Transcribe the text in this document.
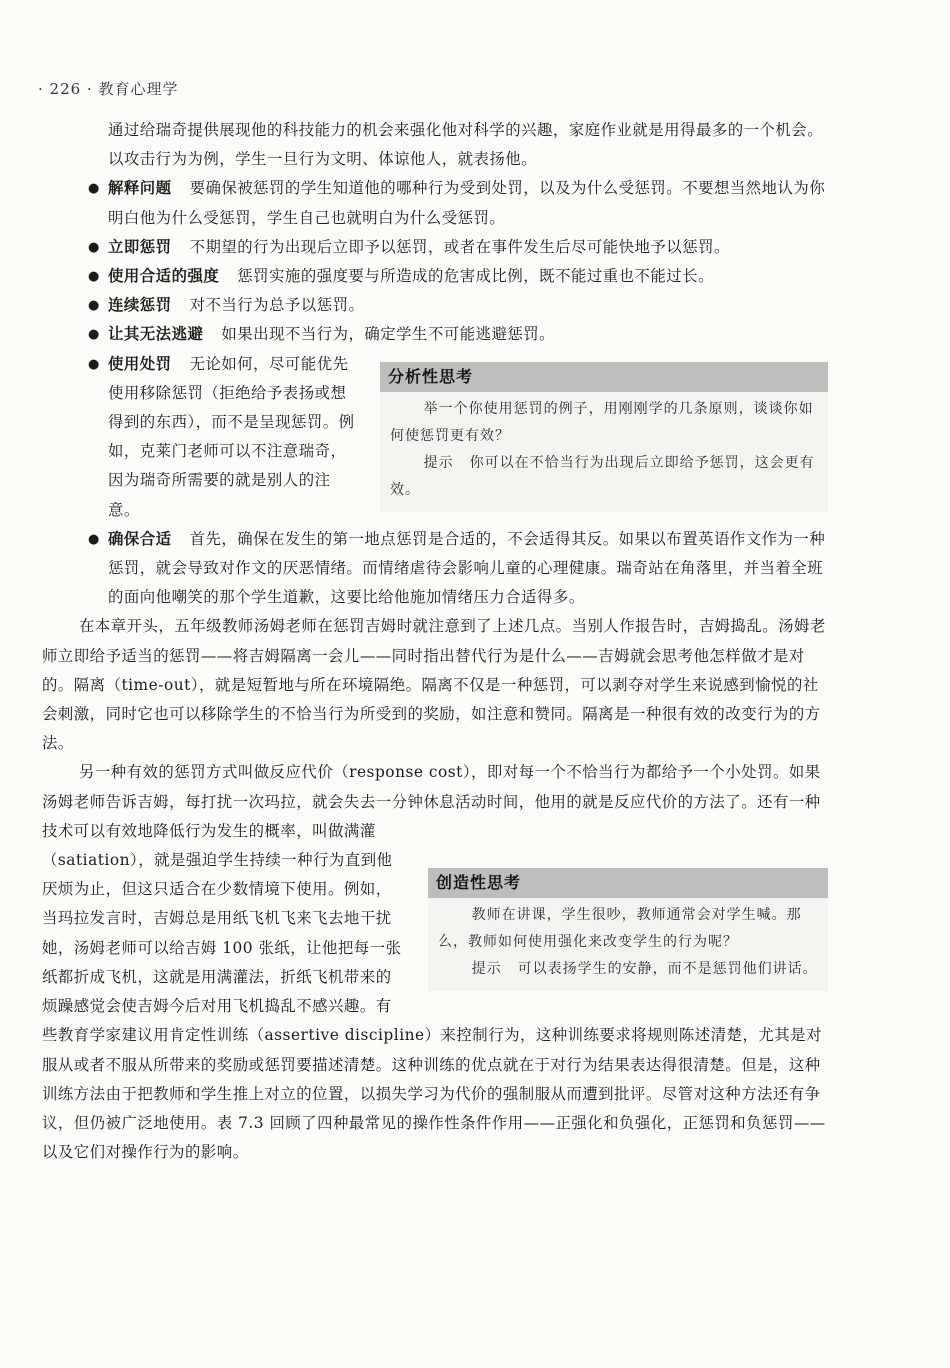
· 226 · 教育心理学

通过给瑞奇提供展现他的科技能力的机会来强化他对科学的兴趣，家庭作业就是用得最多的一个机会。以攻击行为为例，学生一旦行为文明、体谅他人，就表扬他。

● 解释问题 要确保被惩罚的学生知道他的哪种行为受到处罚，以及为什么受惩罚。不要想当然地认为你明白他为什么受惩罚，学生自己也就明白为什么受惩罚。
● 立即惩罚 不期望的行为出现后立即予以惩罚，或者在事件发生后尽可能快地予以惩罚。
● 使用合适的强度 惩罚实施的强度要与所造成的危害成比例，既不能过重也不能过长。
● 连续惩罚 对不当行为总予以惩罚。
● 让其无法逃避 如果出现不当行为，确定学生不可能逃避惩罚。
● 分析性思考
举一个你使用惩罚的例子，用刚刚学的几条原则，谈谈你如何使惩罚更有效？
提示 你可以在不恰当行为出现后立即给予惩罚，这会更有效。
使用处罚 无论如何，尽可能优先使用移除惩罚（拒绝给予表扬或想得到的东西），而不是呈现惩罚。例如，克莱门老师可以不注意瑞奇，因为瑞奇所需要的就是别人的注意。
● 确保合适 首先，确保在发生的第一地点惩罚是合适的，不会适得其反。如果以布置英语作文作为一种惩罚，就会导致对作文的厌恶情绪。而情绪虐待会影响儿童的心理健康。瑞奇站在角落里，并当着全班的面向他嘲笑的那个学生道歉，这要比给他施加情绪压力合适得多。

在本章开头，五年级教师汤姆老师在惩罚吉姆时就注意到了上述几点。当别人作报告时，吉姆捣乱。汤姆老师立即给予适当的惩罚——将吉姆隔离一会儿——同时指出替代行为是什么——吉姆就会思考他怎样做才是对的。隔离（time-out），就是短暂地与所在环境隔绝。隔离不仅是一种惩罚，可以剥夺对学生来说感到愉悦的社会刺激，同时它也可以移除学生的不恰当行为所受到的奖励，如注意和赞同。隔离是一种很有效的改变行为的方法。

另一种有效的惩罚方式叫做反应代价（response cost），即对每一个不恰当行为都给予一个小处罚。如果汤姆老师告诉吉姆，每打扰一次玛拉，就会失去一分钟休息活动时间，他用的就是反应代价的方法了。还有一种技术可以有效地降低行为发生的概率，叫做满灌

创造性思考
教师在讲课，学生很吵，教师通常会对学生喊。那么，教师如何使用强化来改变学生的行为呢？
提示 可以表扬学生的安静，而不是惩罚他们讲话。

（satiation），就是强迫学生持续一种行为直到他厌烦为止，但这只适合在少数情境下使用。例如，当玛拉发言时，吉姆总是用纸飞机飞来飞去地干扰她，汤姆老师可以给吉姆 100 张纸，让他把每一张纸都折成飞机，这就是用满灌法，折纸飞机带来的烦躁感觉会使吉姆今后对用飞机捣乱不感兴趣。有些教育学家建议用肯定性训练（assertive discipline）来控制行为，这种训练要求将规则陈述清楚，尤其是对服从或者不服从所带来的奖励或惩罚要描述清楚。这种训练的优点就在于对行为结果表达得很清楚。但是，这种训练方法由于把教师和学生推上对立的位置，以损失学习为代价的强制服从而遭到批评。尽管对这种方法还有争议，但仍被广泛地使用。表 7.3 回顾了四种最常见的操作性条件作用——正强化和负强化，正惩罚和负惩罚——以及它们对操作行为的影响。
